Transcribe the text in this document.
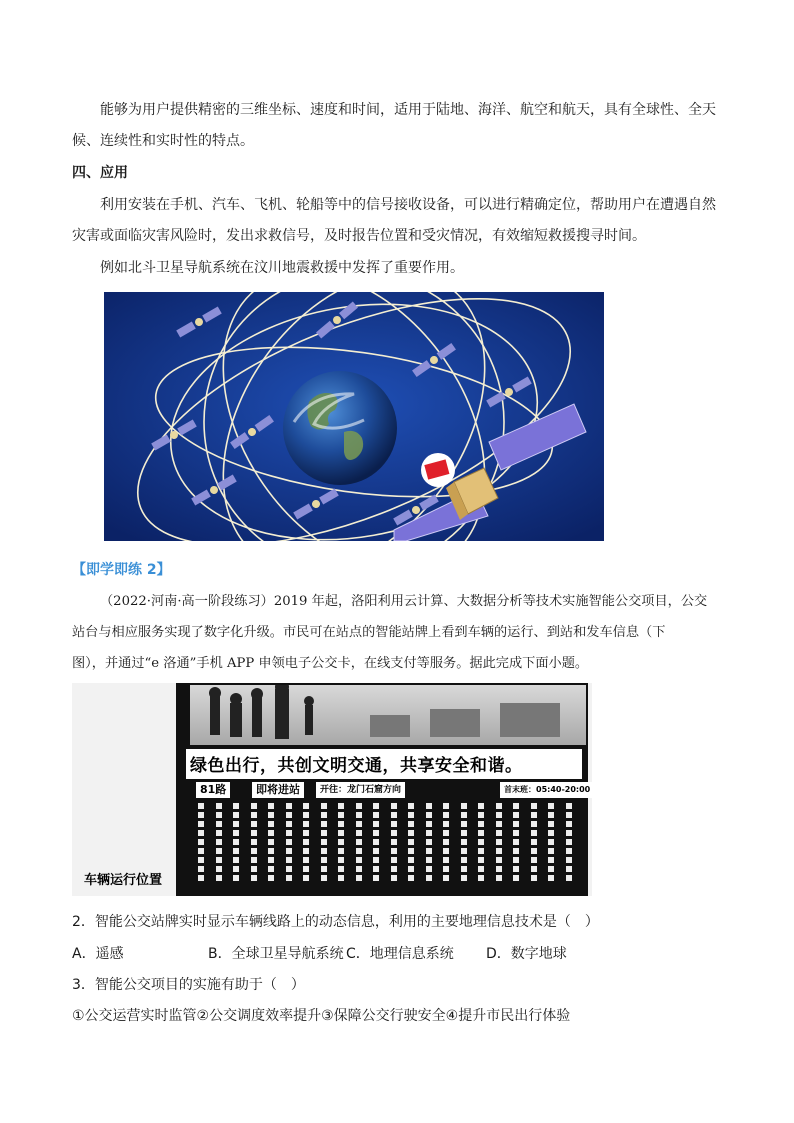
能够为用户提供精密的三维坐标、速度和时间，适用于陆地、海洋、航空和航天，具有全球性、全天
候、连续性和实时性的特点。
四、应用
利用安装在手机、汽车、飞机、轮船等中的信号接收设备，可以进行精确定位，帮助用户在遭遇自然
灾害或面临灾害风险时，发出求救信号，及时报告位置和受灾情况，有效缩短救援搜寻时间。
例如北斗卫星导航系统在汶川地震救援中发挥了重要作用。
【即学即练 2】
（2022·河南·高一阶段练习）2019 年起，洛阳利用云计算、大数据分析等技术实施智能公交项目，公交
站台与相应服务实现了数字化升级。市民可在站点的智能站牌上看到车辆的运行、到站和发车信息（下
图），并通过“e 洛通”手机 APP 申领电子公交卡，在线支付等服务。据此完成下面小题。
绿色出行，共创文明交通，共享安全和谐。
81路	即将进站	开往：龙门石窟方向	首末班：05:40-20:00
车辆运行位置
2．智能公交站牌实时显示车辆线路上的动态信息，利用的主要地理信息技术是（　）
A．遥感	B．全球卫星导航系统 C．地理信息系统 D．数字地球
3．智能公交项目的实施有助于（　）
①公交运营实时监管②公交调度效率提升③保障公交行驶安全④提升市民出行体验
